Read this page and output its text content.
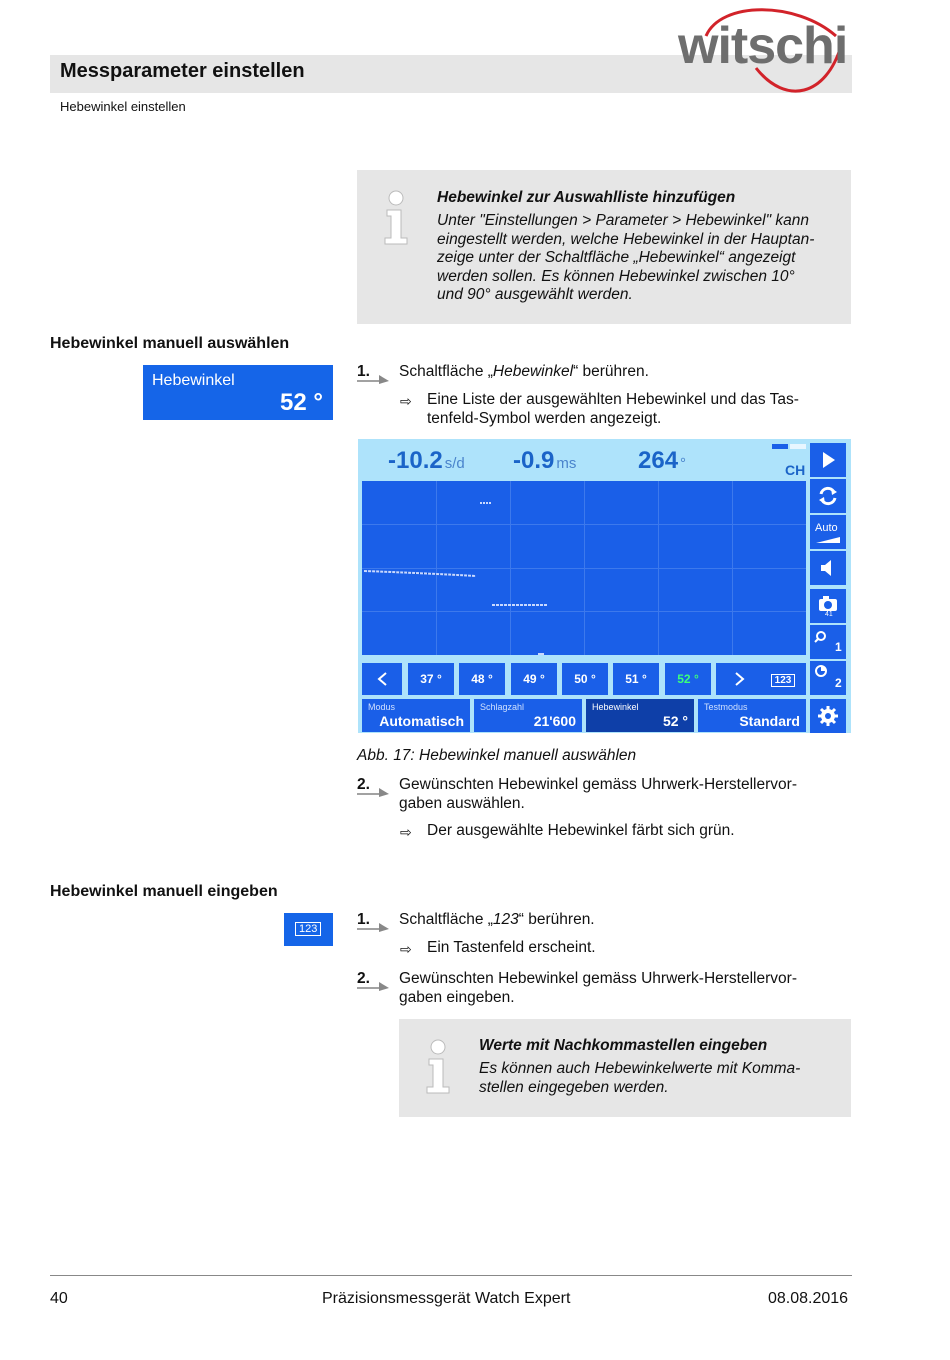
Messparameter einstellen
Hebewinkel einstellen
witschi
Hebewinkel zur Auswahlliste hinzufügen
Unter "Einstellungen > Parameter > Hebewinkel" kann
eingestellt werden, welche Hebewinkel in der Hauptan-
zeige unter der Schaltfläche „Hebewinkel“ angezeigt
werden sollen. Es können Hebewinkel zwischen 10°
und 90° ausgewählt werden.
Hebewinkel manuell auswählen
Hebewinkel
52 °
1. Schaltfläche „Hebewinkel“ berühren.
⇨ Eine Liste der ausgewählten Hebewinkel und das Tas-
tenfeld-Symbol werden angezeigt.
-10.2 s/d -0.9 ms	264 °	CH
Auto
41
1
2
37 °	48 °	49 °	50 °	51 °	52 °	123
Modus
Automatisch
Schlagzahl
21'600
Hebewinkel
52 °
Testmodus
Standard
Abb. 17: Hebewinkel manuell auswählen
2. Gewünschten Hebewinkel gemäss Uhrwerk-Herstellervor-
gaben auswählen.
⇨ Der ausgewählte Hebewinkel färbt sich grün.
Hebewinkel manuell eingeben
123
1. Schaltfläche „123“ berühren.
⇨ Ein Tastenfeld erscheint.
2. Gewünschten Hebewinkel gemäss Uhrwerk-Herstellervor-
gaben eingeben.
Werte mit Nachkommastellen eingeben
Es können auch Hebewinkelwerte mit Komma-
stellen eingegeben werden.
40	Präzisionsmessgerät Watch Expert	08.08.2016
